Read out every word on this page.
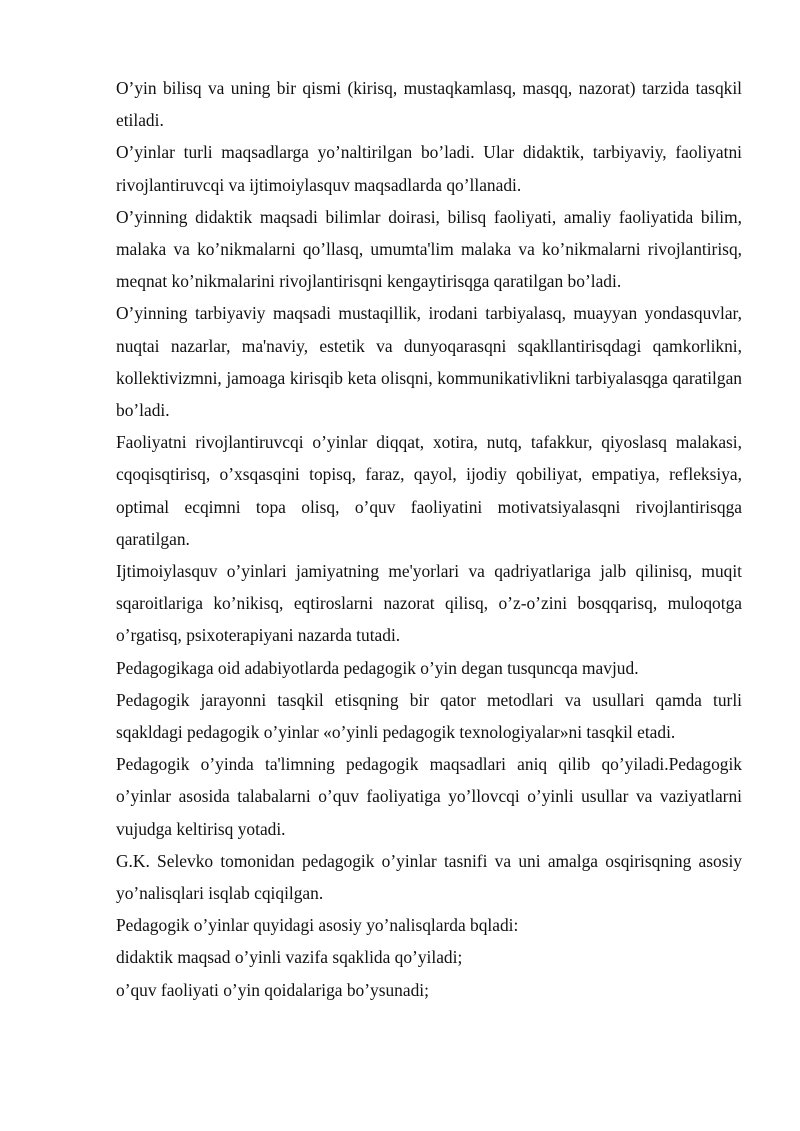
O’yin bilisq va uning bir qismi (kirisq, mustaqkamlasq, masqq, nazorat) tarzida tasqkil etiladi.

O’yinlar turli maqsadlarga yo’naltirilgan bo’ladi. Ular didaktik, tarbiyaviy, faoliyatni rivojlantiruvcqi va ijtimoiylasquv maqsadlarda qo’llanadi.

O’yinning didaktik maqsadi bilimlar doirasi, bilisq faoliyati, amaliy faoliyatida bilim, malaka va ko’nikmalarni qo’llasq, umumta'lim malaka va ko’nikmalarni rivojlantirisq, meqnat ko’nikmalarini rivojlantirisqni kengaytirisqga qaratilgan bo’ladi.

O’yinning tarbiyaviy maqsadi mustaqillik, irodani tarbiyalasq, muayyan yondasquvlar, nuqtai nazarlar, ma'naviy, estetik va dunyoqarasqni sqakllantirisqdagi qamkorlikni, kollektivizmni, jamoaga kirisqib keta olisqni, kommunikativlikni tarbiyalasqga qaratilgan bo’ladi.

Faoliyatni rivojlantiruvcqi o’yinlar diqqat, xotira, nutq, tafakkur, qiyoslasq malakasi, cqoqisqtirisq, o’xsqasqini topisq, faraz, qayol, ijodiy qobiliyat, empatiya, refleksiya, optimal ecqimni topa olisq, o’quv faoliyatini motivatsiyalasqni rivojlantirisqga qaratilgan.

Ijtimoiylasquv o’yinlari jamiyatning me'yorlari va qadriyatlariga jalb qilinisq, muqit sqaroitlariga ko’nikisq, eqtiroslarni nazorat qilisq, o’z-o’zini bosqqarisq, muloqotga o’rgatisq, psixoterapiyani nazarda tutadi.

Pedagogikaga oid adabiyotlarda pedagogik o’yin degan tusquncqa mavjud.

Pedagogik jarayonni tasqkil etisqning bir qator metodlari va usullari qamda turli sqakldagi pedagogik o’yinlar «o’yinli pedagogik texnologiyalar»ni tasqkil etadi.

Pedagogik o’yinda ta'limning pedagogik maqsadlari aniq qilib qo’yiladi.Pedagogik o’yinlar asosida talabalarni o’quv faoliyatiga yo’llovcqi o’yinli usullar va vaziyatlarni vujudga keltirisq yotadi.

G.K. Selevko tomonidan pedagogik o’yinlar tasnifi va uni amalga osqirisqning asosiy yo’nalisqlari isqlab cqiqilgan.

Pedagogik o’yinlar quyidagi asosiy yo’nalisqlarda bqladi:

didaktik maqsad o’yinli vazifa sqaklida qo’yiladi;

o’quv faoliyati o’yin qoidalariga bo’ysunadi;
